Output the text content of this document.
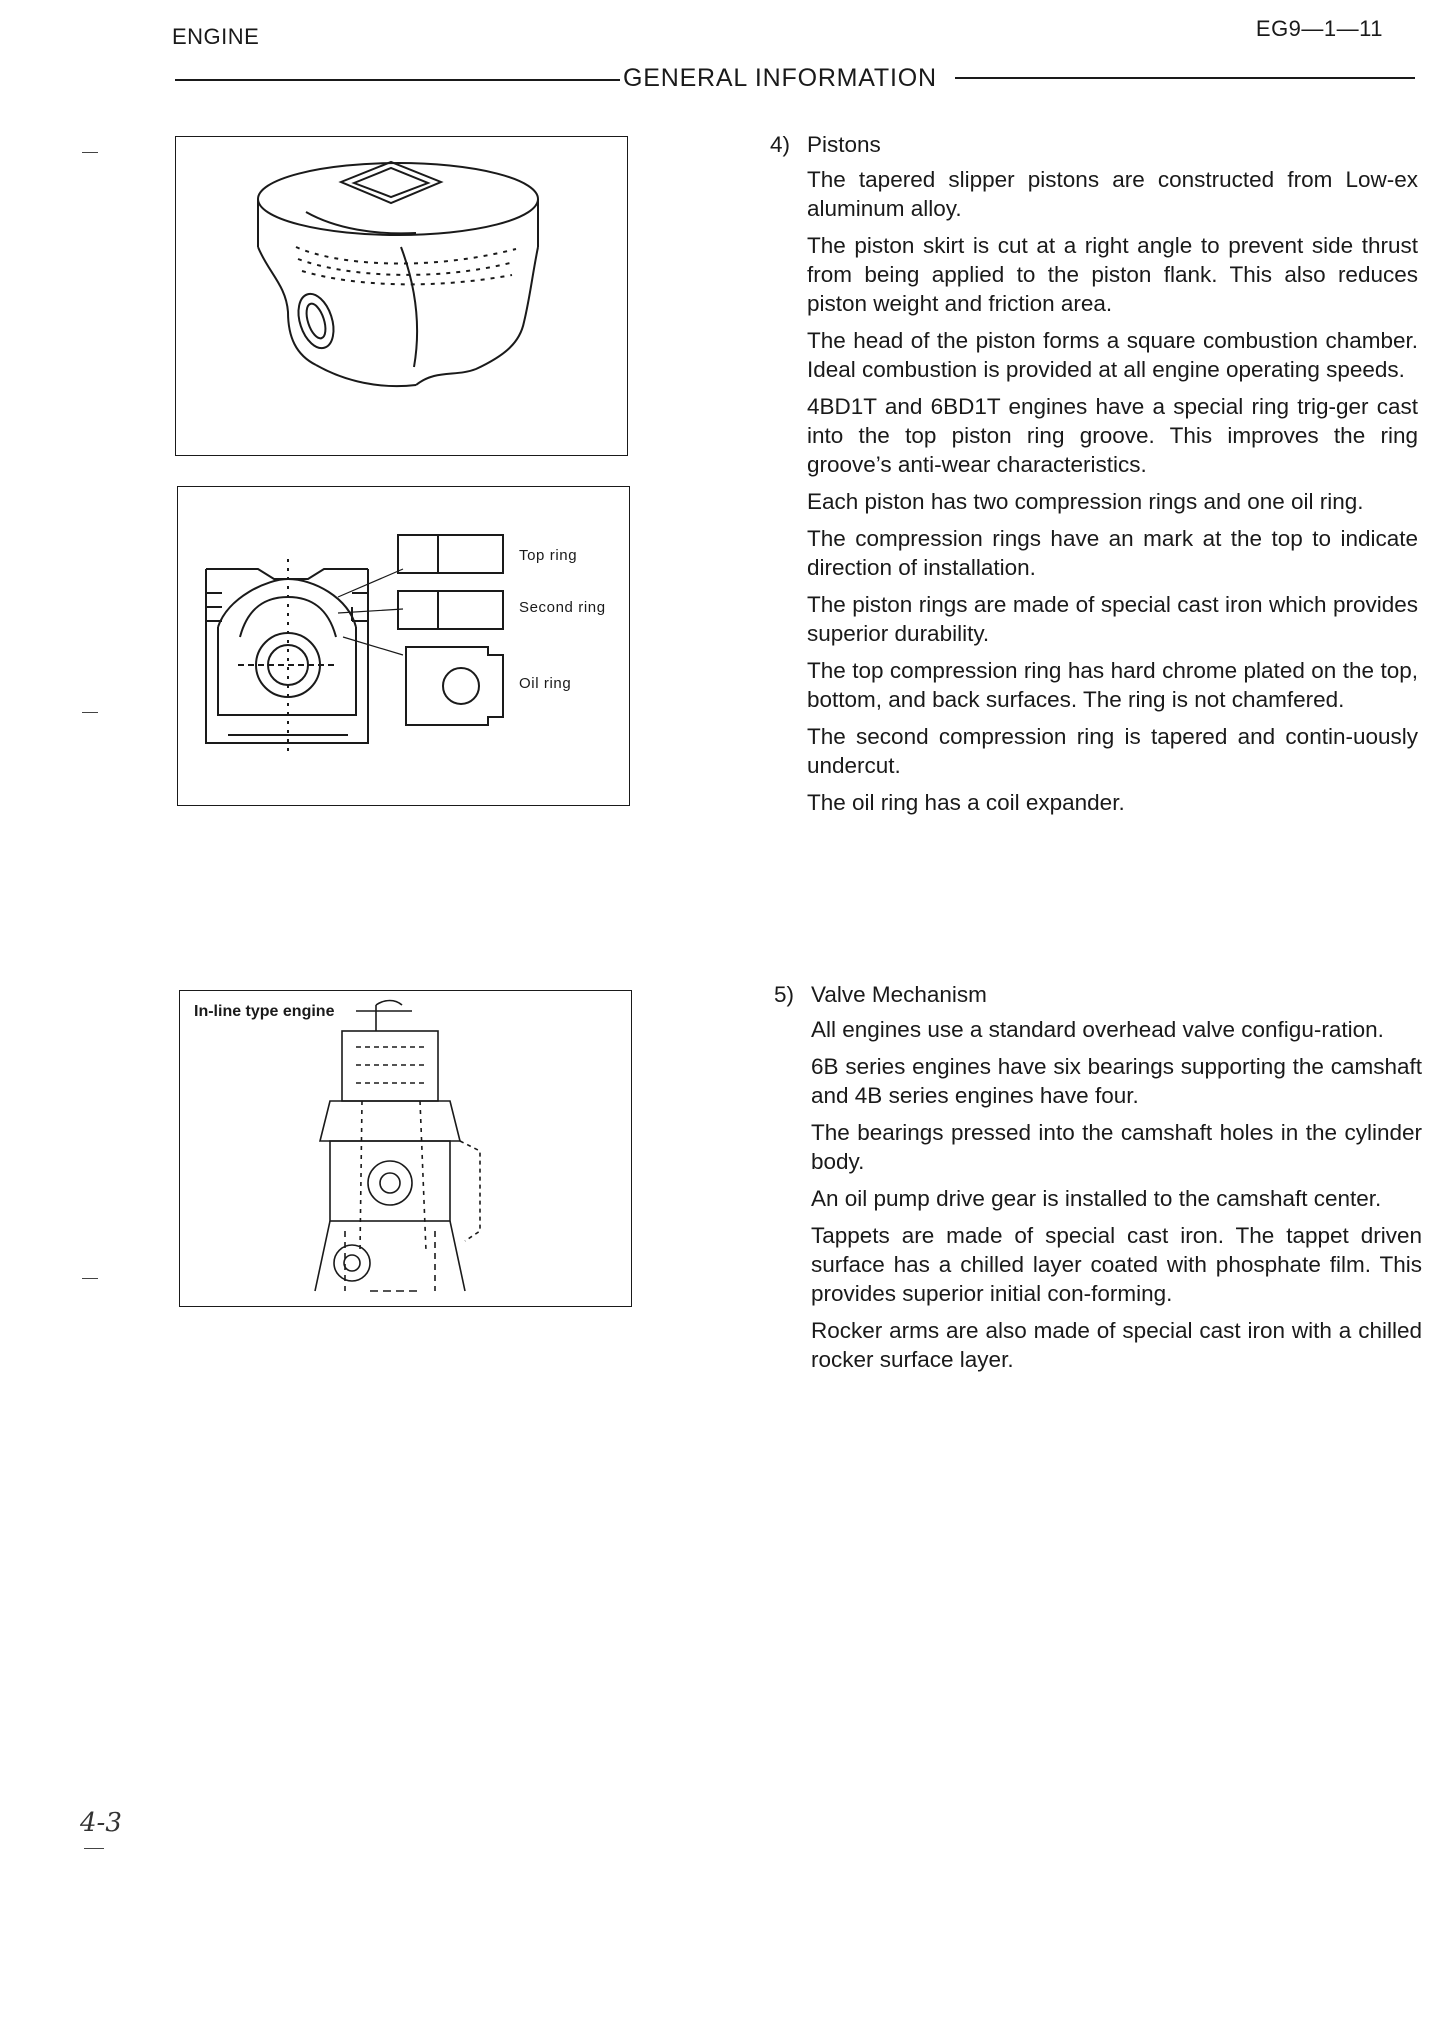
ENGINE	EG9—1—11
GENERAL INFORMATION
Top ring
Second ring
Oil ring
In-line type engine
4) Pistons

The tapered slipper pistons are constructed from Low-ex aluminum alloy.

The piston skirt is cut at a right angle to prevent side thrust from being applied to the piston flank. This also reduces piston weight and friction area.

The head of the piston forms a square combustion chamber. Ideal combustion is provided at all engine operating speeds.

4BD1T and 6BD1T engines have a special ring trig-ger cast into the top piston ring groove. This improves the ring groove’s anti-wear characteristics.

Each piston has two compression rings and one oil ring.

The compression rings have an mark at the top to indicate direction of installation.

The piston rings are made of special cast iron which provides superior durability.

The top compression ring has hard chrome plated on the top, bottom, and back surfaces. The ring is not chamfered.

The second compression ring is tapered and contin-uously undercut.

The oil ring has a coil expander.

5) Valve Mechanism

All engines use a standard overhead valve configu-ration.

6B series engines have six bearings supporting the camshaft and 4B series engines have four.

The bearings pressed into the camshaft holes in the cylinder body.

An oil pump drive gear is installed to the camshaft center.

Tappets are made of special cast iron. The tappet driven surface has a chilled layer coated with phosphate film. This provides superior initial con-forming.

Rocker arms are also made of special cast iron with a chilled rocker surface layer.

4-3
